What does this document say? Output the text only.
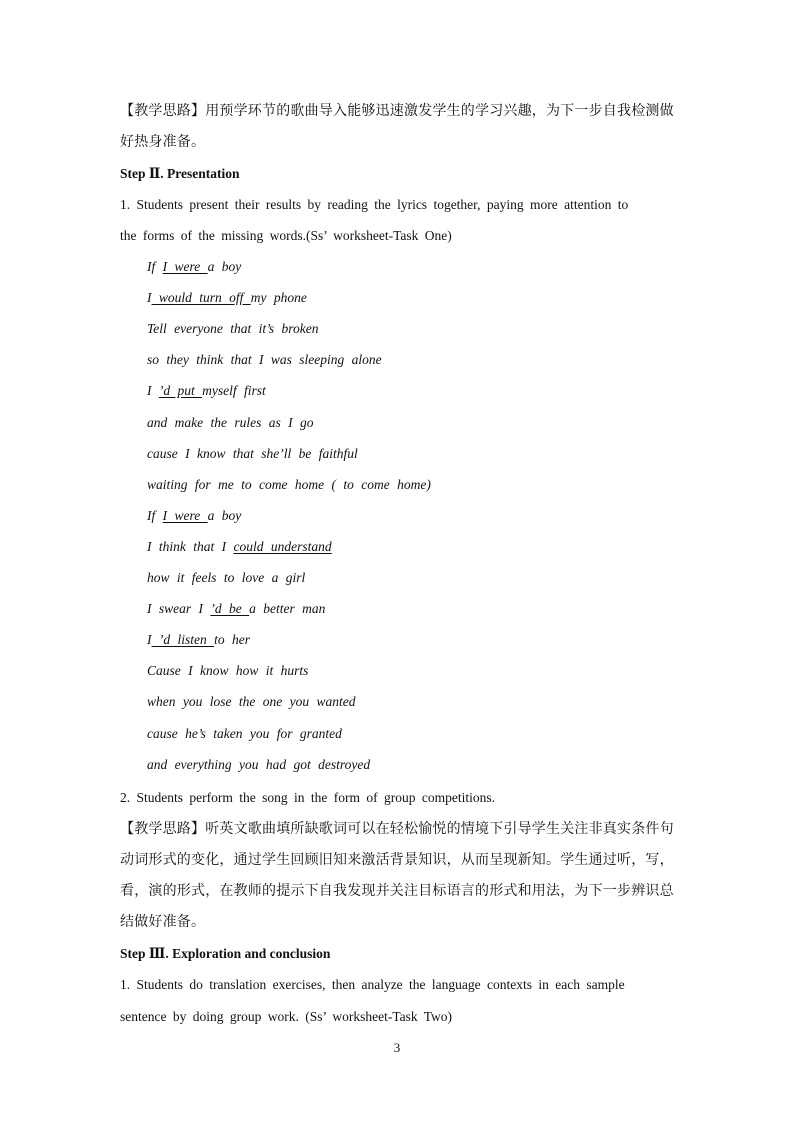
【教学思路】用预学环节的歌曲导入能够迅速激发学生的学习兴趣，为下一步自我检测做
好热身准备。
Step Ⅱ. Presentation
1. Students present their results by reading the lyrics together, paying more attention to
the forms of the missing words.(Ss’ worksheet-Task One)
If I were a boy
I would turn off my phone
Tell everyone that it’s broken
so they think that I was sleeping alone
I ’d put myself first
and make the rules as I go
cause I know that she’ll be faithful
waiting for me to come home ( to come home)
If I were a boy
I think that I could understand
how it feels to love a girl
I swear I ’d be a better man
I ’d listen to her
Cause I know how it hurts
when you lose the one you wanted
cause he’s taken you for granted
and everything you had got destroyed
2. Students perform the song in the form of group competitions.
【教学思路】听英文歌曲填所缺歌词可以在轻松愉悦的情境下引导学生关注非真实条件句
动词形式的变化，通过学生回顾旧知来激活背景知识，从而呈现新知。学生通过听，写，
看，演的形式，在教师的提示下自我发现并关注目标语言的形式和用法，为下一步辨识总
结做好准备。
Step Ⅲ. Exploration and conclusion
1. Students do translation exercises, then analyze the language contexts in each sample
sentence by doing group work. (Ss’ worksheet-Task Two)
3
